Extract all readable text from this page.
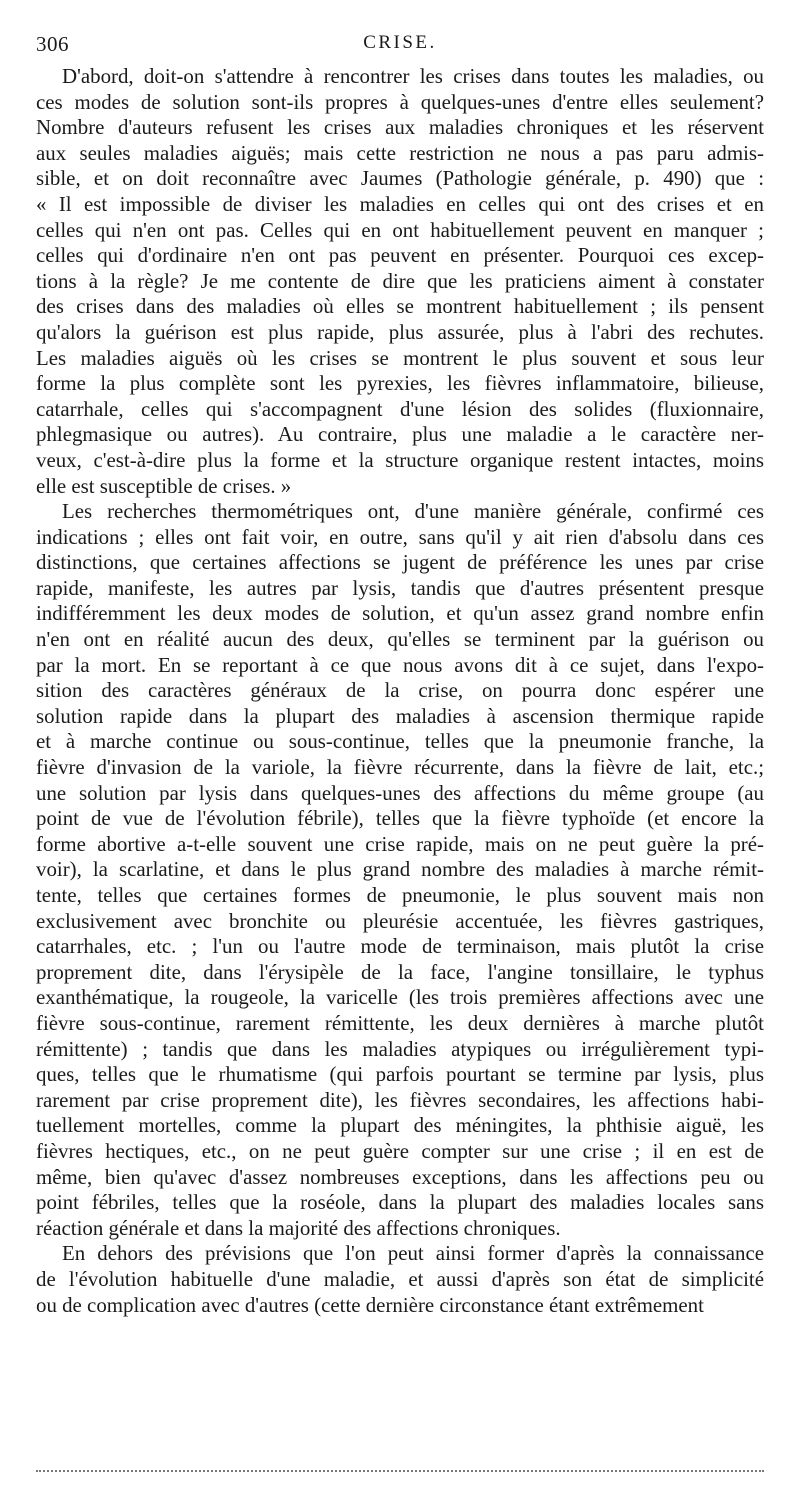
306	CRISE.
D'abord, doit-on s'attendre à rencontrer les crises dans toutes les maladies, ou
ces modes de solution sont-ils propres à quelques-unes d'entre elles seulement?
Nombre d'auteurs refusent les crises aux maladies chroniques et les réservent
aux seules maladies aiguës; mais cette restriction ne nous a pas paru admis-
sible, et on doit reconnaître avec Jaumes (Pathologie générale, p. 490) que :
« Il est impossible de diviser les maladies en celles qui ont des crises et en
celles qui n'en ont pas. Celles qui en ont habituellement peuvent en manquer ;
celles qui d'ordinaire n'en ont pas peuvent en présenter. Pourquoi ces excep-
tions à la règle? Je me contente de dire que les praticiens aiment à constater
des crises dans des maladies où elles se montrent habituellement ; ils pensent
qu'alors la guérison est plus rapide, plus assurée, plus à l'abri des rechutes.
Les maladies aiguës où les crises se montrent le plus souvent et sous leur
forme la plus complète sont les pyrexies, les fièvres inflammatoire, bilieuse,
catarrhale, celles qui s'accompagnent d'une lésion des solides (fluxionnaire,
phlegmasique ou autres). Au contraire, plus une maladie a le caractère ner-
veux, c'est-à-dire plus la forme et la structure organique restent intactes, moins
elle est susceptible de crises. »
Les recherches thermométriques ont, d'une manière générale, confirmé ces
indications ; elles ont fait voir, en outre, sans qu'il y ait rien d'absolu dans ces
distinctions, que certaines affections se jugent de préférence les unes par crise
rapide, manifeste, les autres par lysis, tandis que d'autres présentent presque
indifféremment les deux modes de solution, et qu'un assez grand nombre enfin
n'en ont en réalité aucun des deux, qu'elles se terminent par la guérison ou
par la mort. En se reportant à ce que nous avons dit à ce sujet, dans l'expo-
sition des caractères généraux de la crise, on pourra donc espérer une
solution rapide dans la plupart des maladies à ascension thermique rapide
et à marche continue ou sous-continue, telles que la pneumonie franche, la
fièvre d'invasion de la variole, la fièvre récurrente, dans la fièvre de lait, etc.;
une solution par lysis dans quelques-unes des affections du même groupe (au
point de vue de l'évolution fébrile), telles que la fièvre typhoïde (et encore la
forme abortive a-t-elle souvent une crise rapide, mais on ne peut guère la pré-
voir), la scarlatine, et dans le plus grand nombre des maladies à marche rémit-
tente, telles que certaines formes de pneumonie, le plus souvent mais non
exclusivement avec bronchite ou pleurésie accentuée, les fièvres gastriques,
catarrhales, etc. ; l'un ou l'autre mode de terminaison, mais plutôt la crise
proprement dite, dans l'érysipèle de la face, l'angine tonsillaire, le typhus
exanthématique, la rougeole, la varicelle (les trois premières affections avec une
fièvre sous-continue, rarement rémittente, les deux dernières à marche plutôt
rémittente) ; tandis que dans les maladies atypiques ou irrégulièrement typi-
ques, telles que le rhumatisme (qui parfois pourtant se termine par lysis, plus
rarement par crise proprement dite), les fièvres secondaires, les affections habi-
tuellement mortelles, comme la plupart des méningites, la phthisie aiguë, les
fièvres hectiques, etc., on ne peut guère compter sur une crise ; il en est de
même, bien qu'avec d'assez nombreuses exceptions, dans les affections peu ou
point fébriles, telles que la roséole, dans la plupart des maladies locales sans
réaction générale et dans la majorité des affections chroniques.
En dehors des prévisions que l'on peut ainsi former d'après la connaissance
de l'évolution habituelle d'une maladie, et aussi d'après son état de simplicité
ou de complication avec d'autres (cette dernière circonstance étant extrêmement
